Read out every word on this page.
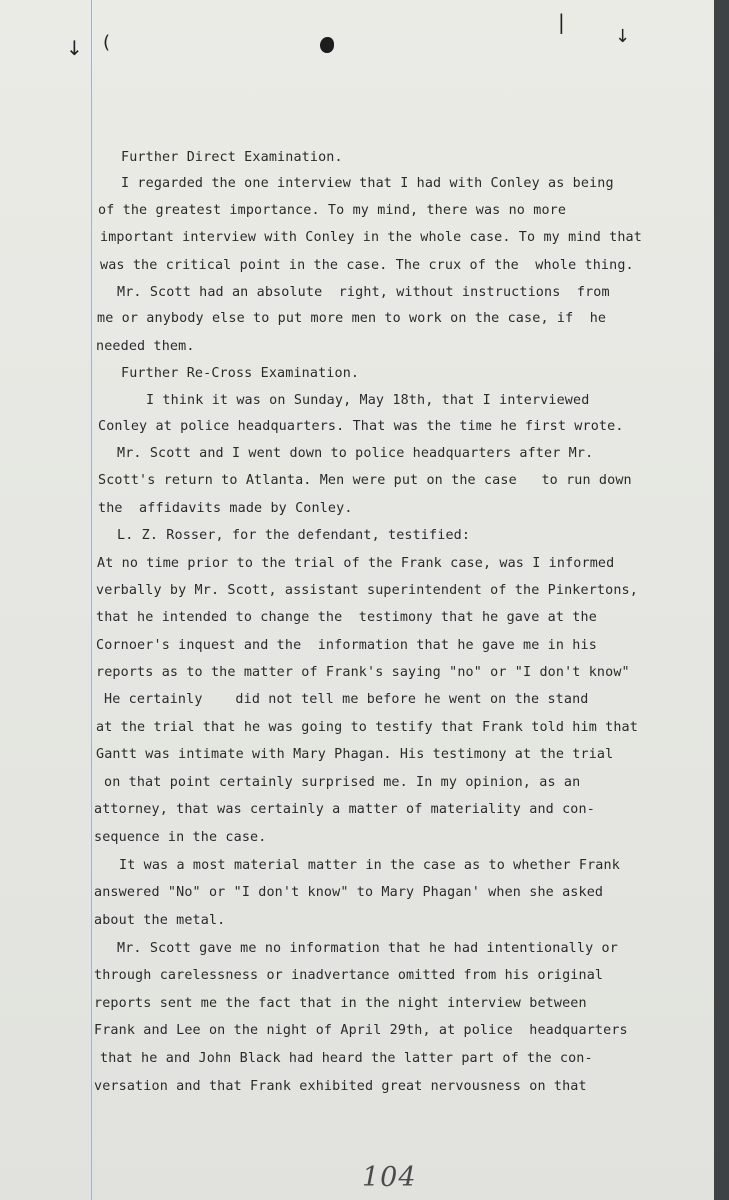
↓ (
|
↓
Further Direct Examination.
I regarded the one interview that I had with Conley as being
of the greatest importance. To my mind, there was no more
important interview with Conley in the whole case. To my mind that
was the critical point in the case. The crux of the  whole thing.
Mr. Scott had an absolute  right, without instructions  from
me or anybody else to put more men to work on the case, if  he
needed them.
Further Re-Cross Examination.
I think it was on Sunday, May 18th, that I interviewed
Conley at police headquarters. That was the time he first wrote.
Mr. Scott and I went down to police headquarters after Mr.
Scott's return to Atlanta. Men were put on the case   to run down
the  affidavits made by Conley.
L. Z. Rosser, for the defendant, testified:
At no time prior to the trial of the Frank case, was I informed
verbally by Mr. Scott, assistant superintendent of the Pinkertons,
that he intended to change the  testimony that he gave at the
Cornoer's inquest and the  information that he gave me in his
reports as to the matter of Frank's saying "no" or "I don't know"
He certainly    did not tell me before he went on the stand
at the trial that he was going to testify that Frank told him that
Gantt was intimate with Mary Phagan. His testimony at the trial
on that point certainly surprised me. In my opinion, as an
attorney, that was certainly a matter of materiality and con-
sequence in the case.
It was a most material matter in the case as to whether Frank
answered "No" or "I don't know" to Mary Phagan' when she asked
about the metal.
Mr. Scott gave me no information that he had intentionally or
through carelessness or inadvertance omitted from his original
reports sent me the fact that in the night interview between
Frank and Lee on the night of April 29th, at police  headquarters
that he and John Black had heard the latter part of the con-
versation and that Frank exhibited great nervousness on that
104
